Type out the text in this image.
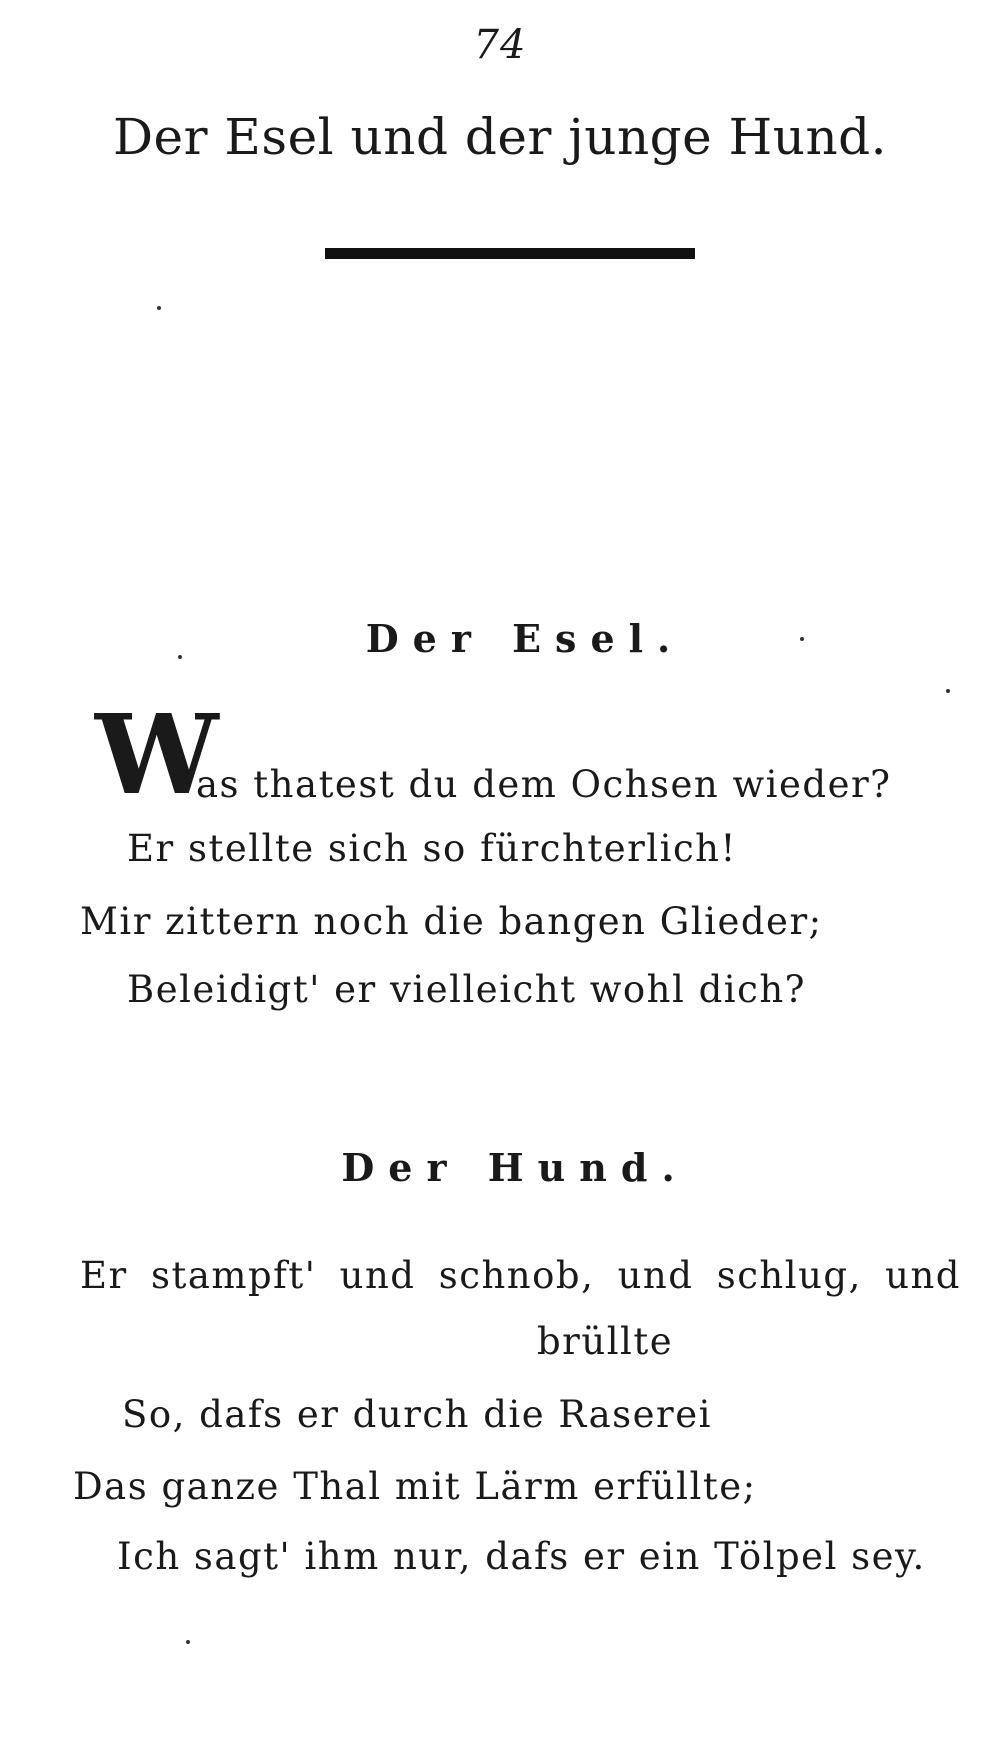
74
Der Esel und der junge Hund.
Der Esel.
W
as thatest du dem Ochsen wieder?
Er stellte sich so fürchterlich!
Mir zittern noch die bangen Glieder;
Beleidigt' er vielleicht wohl dich?
Der Hund.
Er stampft' und schnob, und schlug, und
brüllte
So, dafs er durch die Raserei
Das ganze Thal mit Lärm erfüllte;
Ich sagt' ihm nur, dafs er ein Tölpel sey.
